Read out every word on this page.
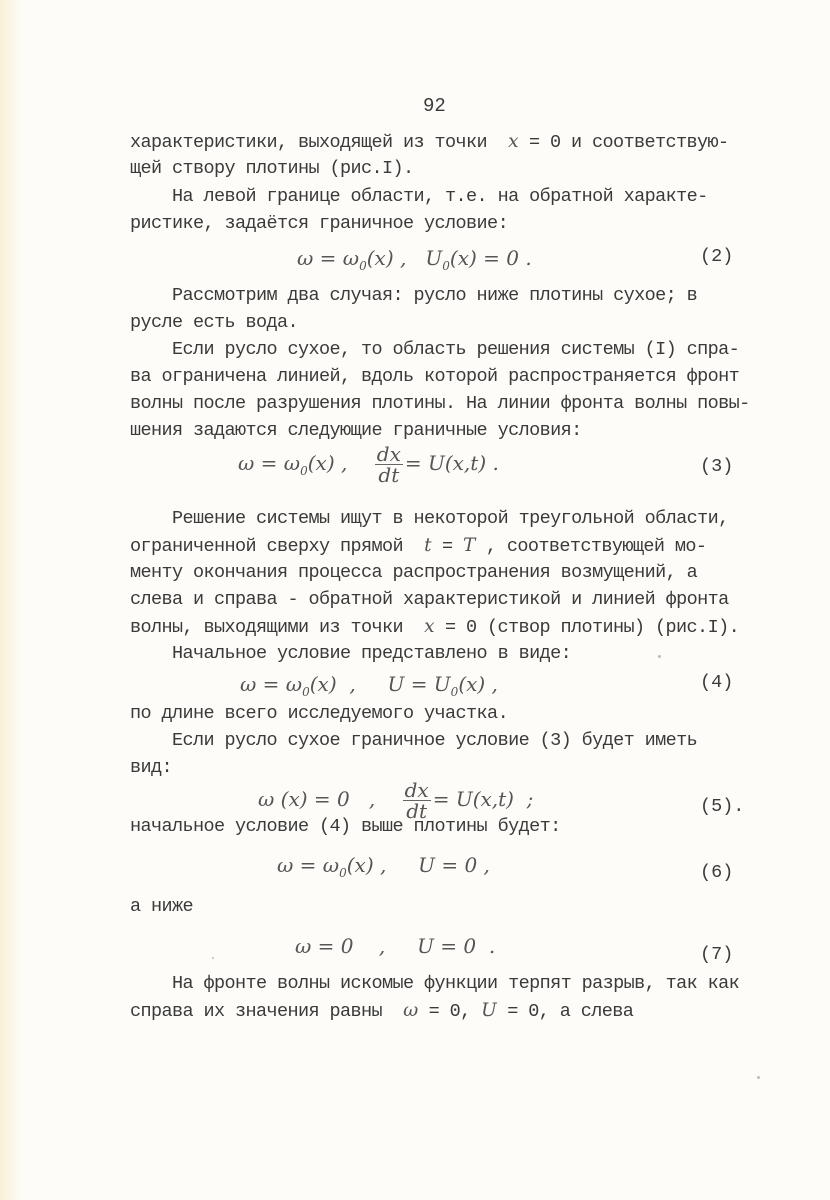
92
характеристики, выходящей из точки x = 0 и соответствую-
щей створу плотины (рис.I).
На левой границе области, т.е. на обратной характе-
ристике, задаётся граничное условие:
$\omega = \omega_0(x)$ ,   $U_0(x) = 0$ .	(2)
Рассмотрим два случая: русло ниже плотины сухое; в
русле есть вода.
Если русло сухое, то область решения системы (I) спра-
ва ограничена линией, вдоль которой распространяется фронт
волны после разрушения плотины. На линии фронта волны повы-
шения задаются следующие граничные условия:
$\omega = \omega_0(x)$ , $\frac{dx}{dt} = U(x,t)$ .	(3)
Решение системы ищут в некоторой треугольной области,
ограниченной сверху прямой t = T , соответствующей мо-
менту окончания процесса распространения возмущений, а
слева и справа - обратной характеристикой и линией фронта
волны, выходящими из точки x = 0 (створ плотины) (рис.I).
Начальное условие представлено в виде:
$\omega = \omega_0(x)$  ,     $U = U_0(x)$ ,	(4)
по длине всего исследуемого участка.
Если русло сухое граничное условие (3) будет иметь
вид:
ω (x) = 0   , $\frac{dx}{dt} = U(x,t)$  ;	(5).
начальное условие (4) выше плотины будет:
$\omega = \omega_0(x)$ ,     U = 0 ,	(6)
а ниже
ω = 0    ,     U = 0  .	(7)
На фронте волны искомые функции терпят разрыв, так как
справа их значения равны ω = 0, U = 0, а слева
